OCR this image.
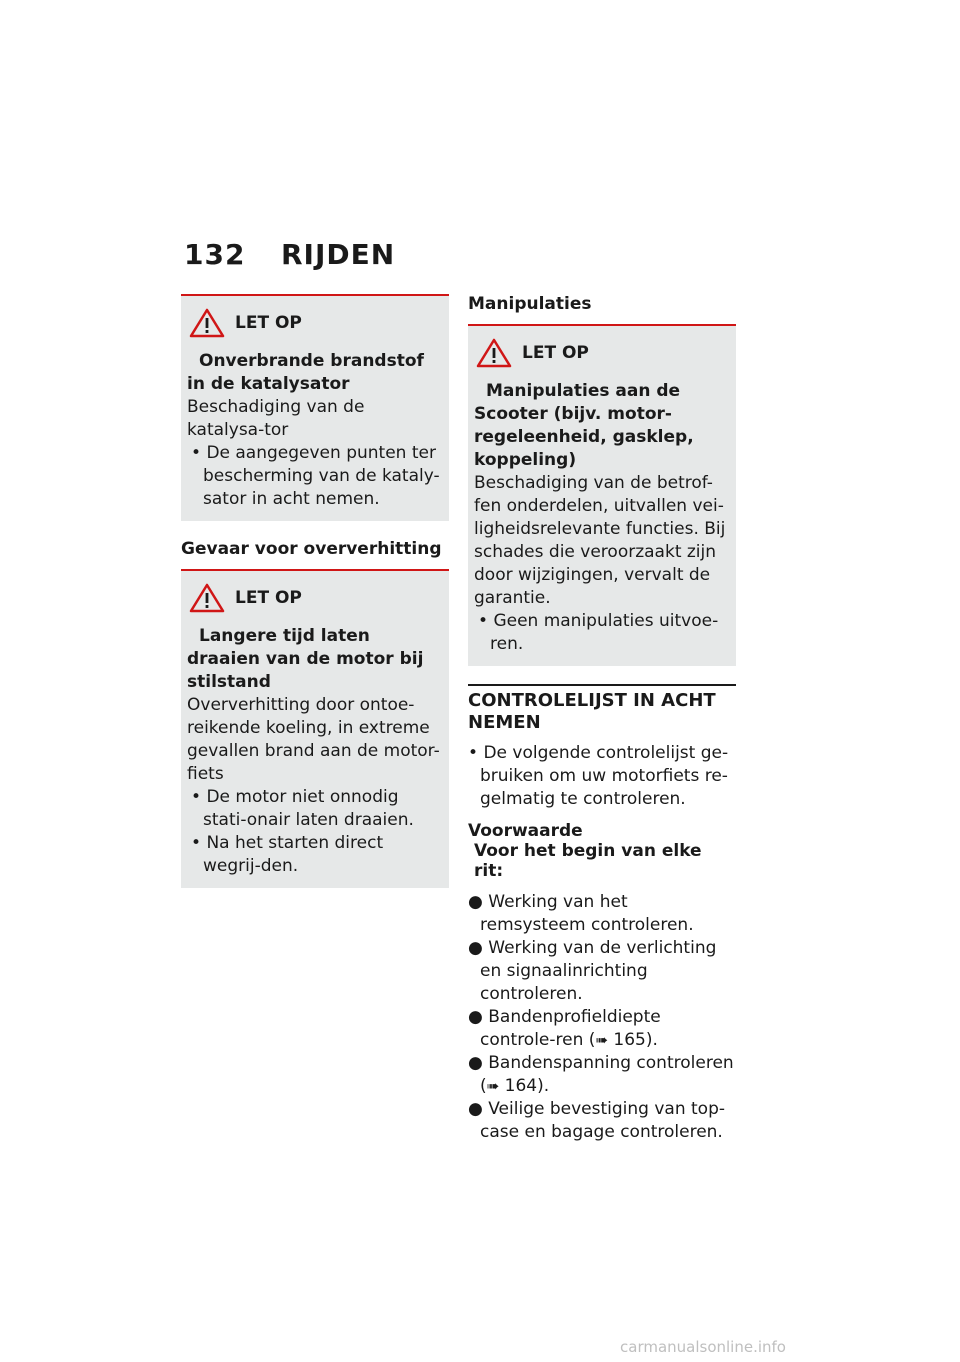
132 RIJDEN
LET OP
Onverbrande brandstof in de katalysator
Beschadiging van de katalysa-tor
• De aangegeven punten ter bescherming van de kataly-sator in acht nemen.
Gevaar voor oververhitting
LET OP
Langere tijd laten draaien van de motor bij stilstand
Oververhitting door ontoe-reikende koeling, in extreme gevallen brand aan de motor-fiets
• De motor niet onnodig stati-onair laten draaien.
• Na het starten direct wegrij-den.
Manipulaties
LET OP
Manipulaties aan de Scooter (bijv. motor-regeleenheid, gasklep, koppeling)
Beschadiging van de betrof-fen onderdelen, uitvallen vei-ligheidsrelevante functies. Bij schades die veroorzaakt zijn door wijzigingen, vervalt de garantie.
• Geen manipulaties uitvoe-ren.
CONTROLELIJST IN ACHT NEMEN
• De volgende controlelijst ge-bruiken om uw motorfiets re-gelmatig te controleren.
Voorwaarde
Voor het begin van elke rit:
● Werking van het remsysteem controleren.
● Werking van de verlichting en signaalinrichting controleren.
● Bandenprofieldiepte controle-ren (➠ 165).
● Bandenspanning controleren (➠ 164).
● Veilige bevestiging van top-case en bagage controleren.
carmanualsonline.info
